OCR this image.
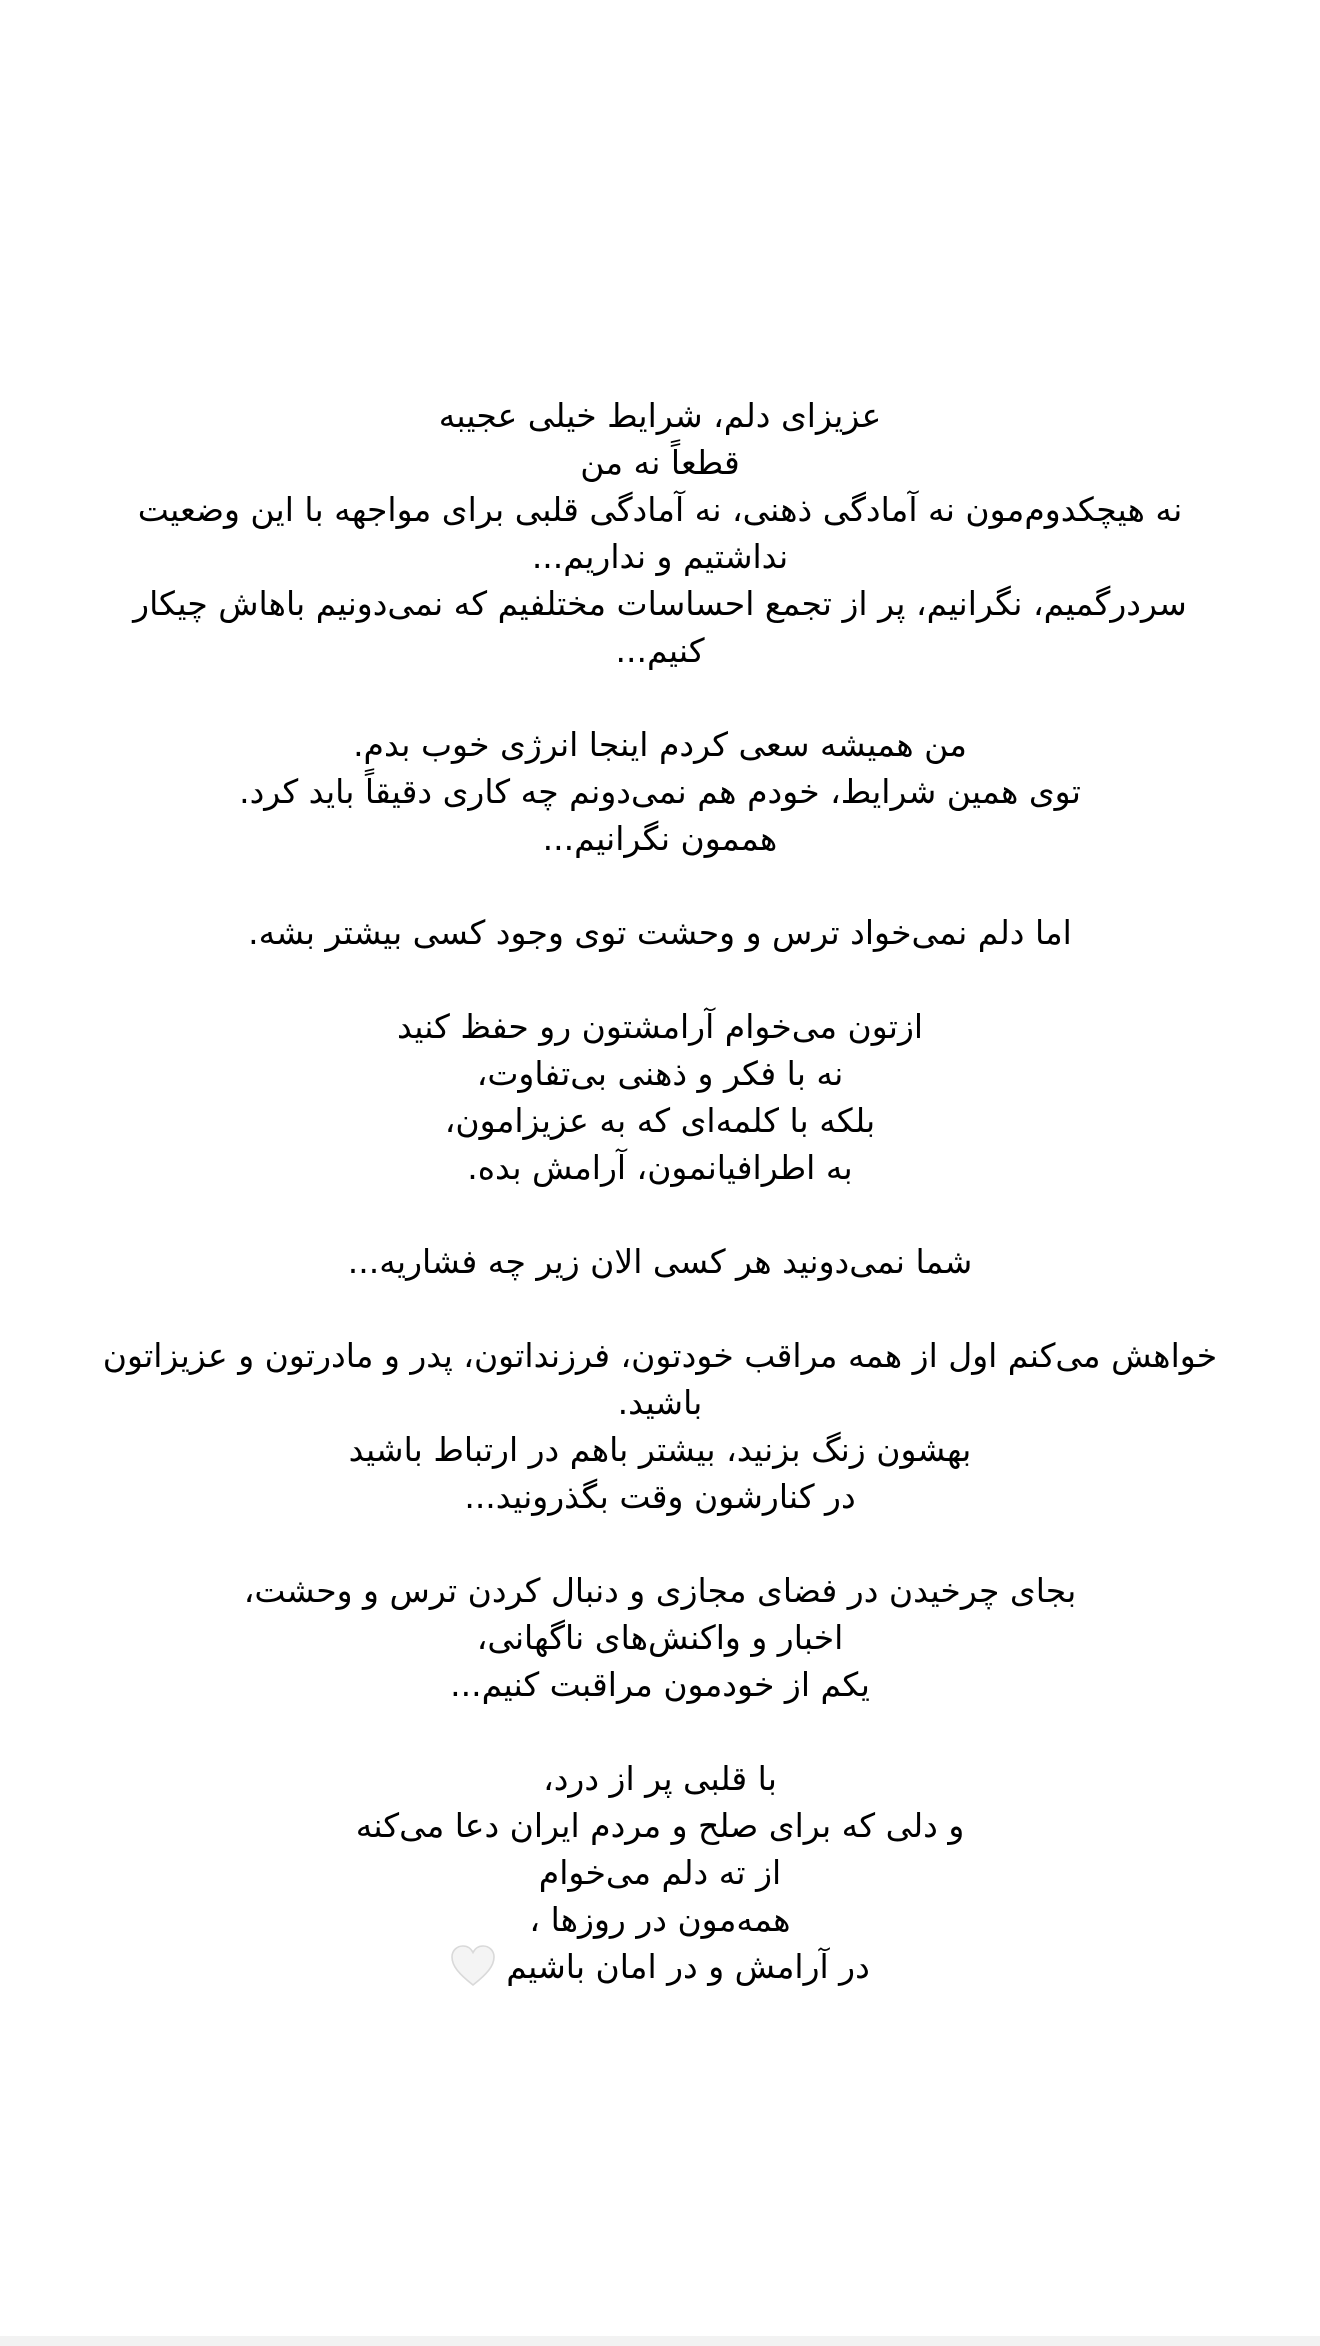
عزیزای دلم، شرایط خیلی عجیبه
قطعاً نه من
نه هیچکدوم‌مون نه آمادگی ذهنی، نه آمادگی قلبی برای مواجهه با این وضعیت نداشتیم و نداریم...
سردرگمیم، نگرانیم، پر از تجمع احساسات مختلفیم که نمی‌دونیم باهاش چیکار کنیم...
من همیشه سعی کردم اینجا انرژی خوب بدم.
توی همین شرایط، خودم هم نمی‌دونم چه کاری دقیقاً باید کرد.
هممون نگرانیم...
اما دلم نمی‌خواد ترس و وحشت توی وجود کسی بیشتر بشه.
ازتون می‌خوام آرامشتون رو حفظ کنید
نه با فکر و ذهنی بی‌تفاوت،
بلکه با کلمه‌ای که به عزیزامون،
به اطرافیانمون، آرامش بده.
شما نمی‌دونید هر کسی الان زیر چه فشاریه...
خواهش می‌کنم اول از همه مراقب خودتون، فرزنداتون، پدر و مادرتون و عزیزاتون باشید.
بهشون زنگ بزنید، بیشتر باهم در ارتباط باشید
در کنارشون وقت بگذرونید...
بجای چرخیدن در فضای مجازی و دنبال کردن ترس و وحشت،
اخبار و واکنش‌های ناگهانی،
یکم از خودمون مراقبت کنیم...
با قلبی پر از درد،
و دلی که برای صلح و مردم ایران دعا می‌کنه
از ته دلم می‌خوام
همه‌مون در روزها ،
در آرامش و در امان باشیم
